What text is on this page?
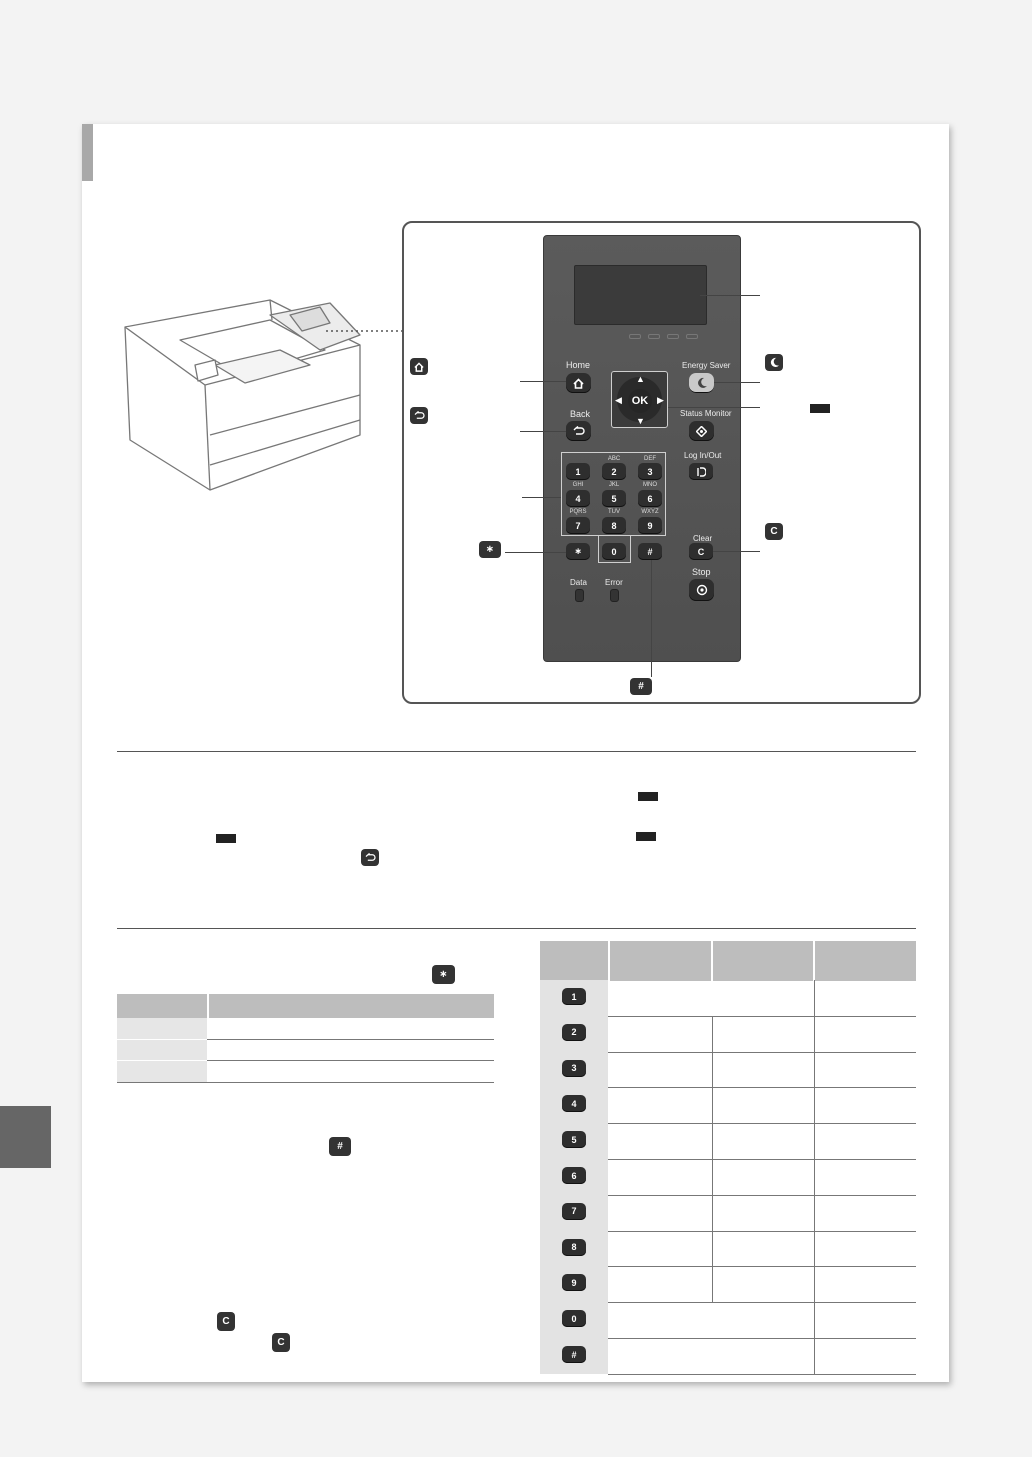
Home
Back
OK
▲
▼
◀	▶
Energy Saver
Status Monitor
Log In/Out
Clear
C
Stop
1
ABC
2
DEF
3
GHI
4
JKL
5
MNO
6
PQRS
7
TUV
8
WXYZ
9
∗	0	#
Data Error
∗
C
#
∗
#
C
C
1
2
3
4
5
6
7
8
9
0
#
